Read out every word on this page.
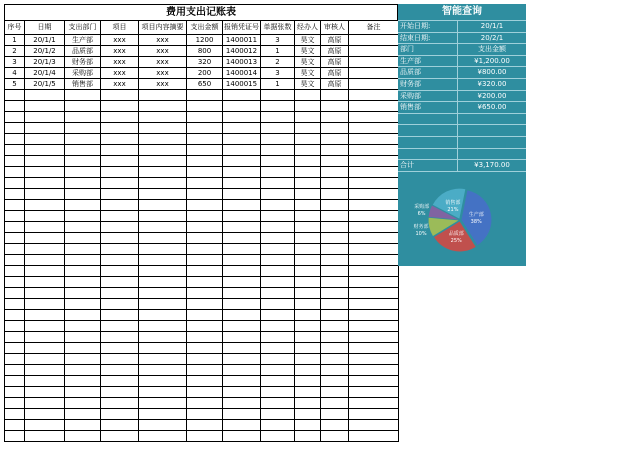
费用支出记账表
序号	日期	支出部门	项目	项目内容摘要	支出金额	报销凭证号	单据张数	经办人	审核人	备注
1	20/1/1	生产部	xxx	xxx	1200	1400011	3	昊文	高原	
2	20/1/2	品质部	xxx	xxx	800	1400012	1	昊文	高原	
3	20/1/3	财务部	xxx	xxx	320	1400013	2	昊文	高原	
4	20/1/4	采购部	xxx	xxx	200	1400014	3	昊文	高原	
5	20/1/5	销售部	xxx	xxx	650	1400015	1	昊文	高原	

智能查询
开始日期:	20/1/1
结束日期:	20/2/1
部门	支出金额
生产部	¥1,200.00
品质部	¥800.00
财务部	¥320.00
采购部	¥200.00
销售部	¥650.00
合计	¥3,170.00
生产部
38%
品质部
25%
财务部
10%
采购部
6%
销售部
21%
